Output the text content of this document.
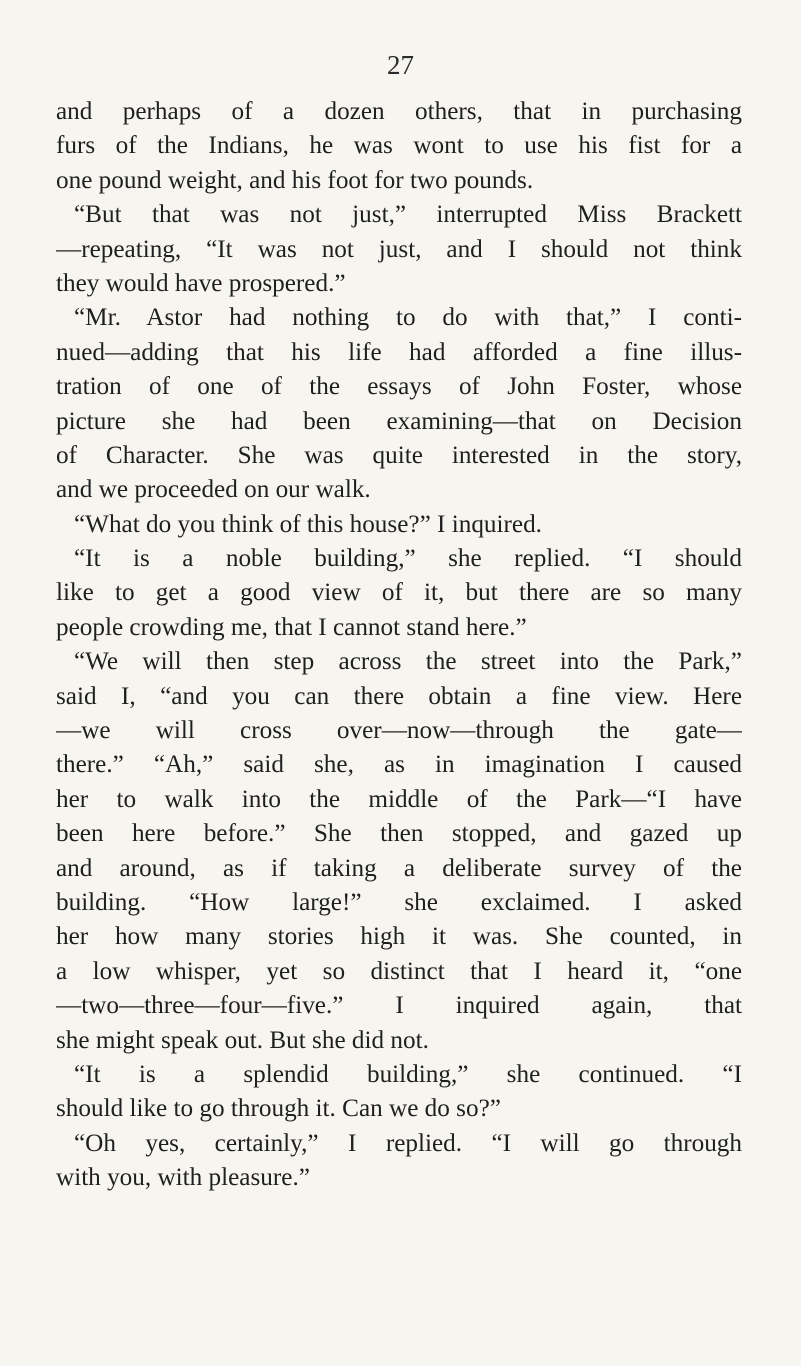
27
and perhaps of a dozen others, that in purchasing
furs of the Indians, he was wont to use his fist for a
one pound weight, and his foot for two pounds.
“But that was not just,” interrupted Miss Brackett
—repeating, “It was not just, and I should not think
they would have prospered.”
“Mr. Astor had nothing to do with that,” I conti-
nued—adding that his life had afforded a fine illus-
tration of one of the essays of John Foster, whose
picture she had been examining—that on Decision
of Character. She was quite interested in the story,
and we proceeded on our walk.
“What do you think of this house?” I inquired.
“It is a noble building,” she replied. “I should
like to get a good view of it, but there are so many
people crowding me, that I cannot stand here.”
“We will then step across the street into the Park,”
said I, “and you can there obtain a fine view. Here
—we will cross over—now—through the gate—
there.” “Ah,” said she, as in imagination I caused
her to walk into the middle of the Park—“I have
been here before.” She then stopped, and gazed up
and around, as if taking a deliberate survey of the
building. “How large!” she exclaimed. I asked
her how many stories high it was. She counted, in
a low whisper, yet so distinct that I heard it, “one
—two—three—four—five.” I inquired again, that
she might speak out. But she did not.
“It is a splendid building,” she continued. “I
should like to go through it. Can we do so?”
“Oh yes, certainly,” I replied. “I will go through
with you, with pleasure.”
